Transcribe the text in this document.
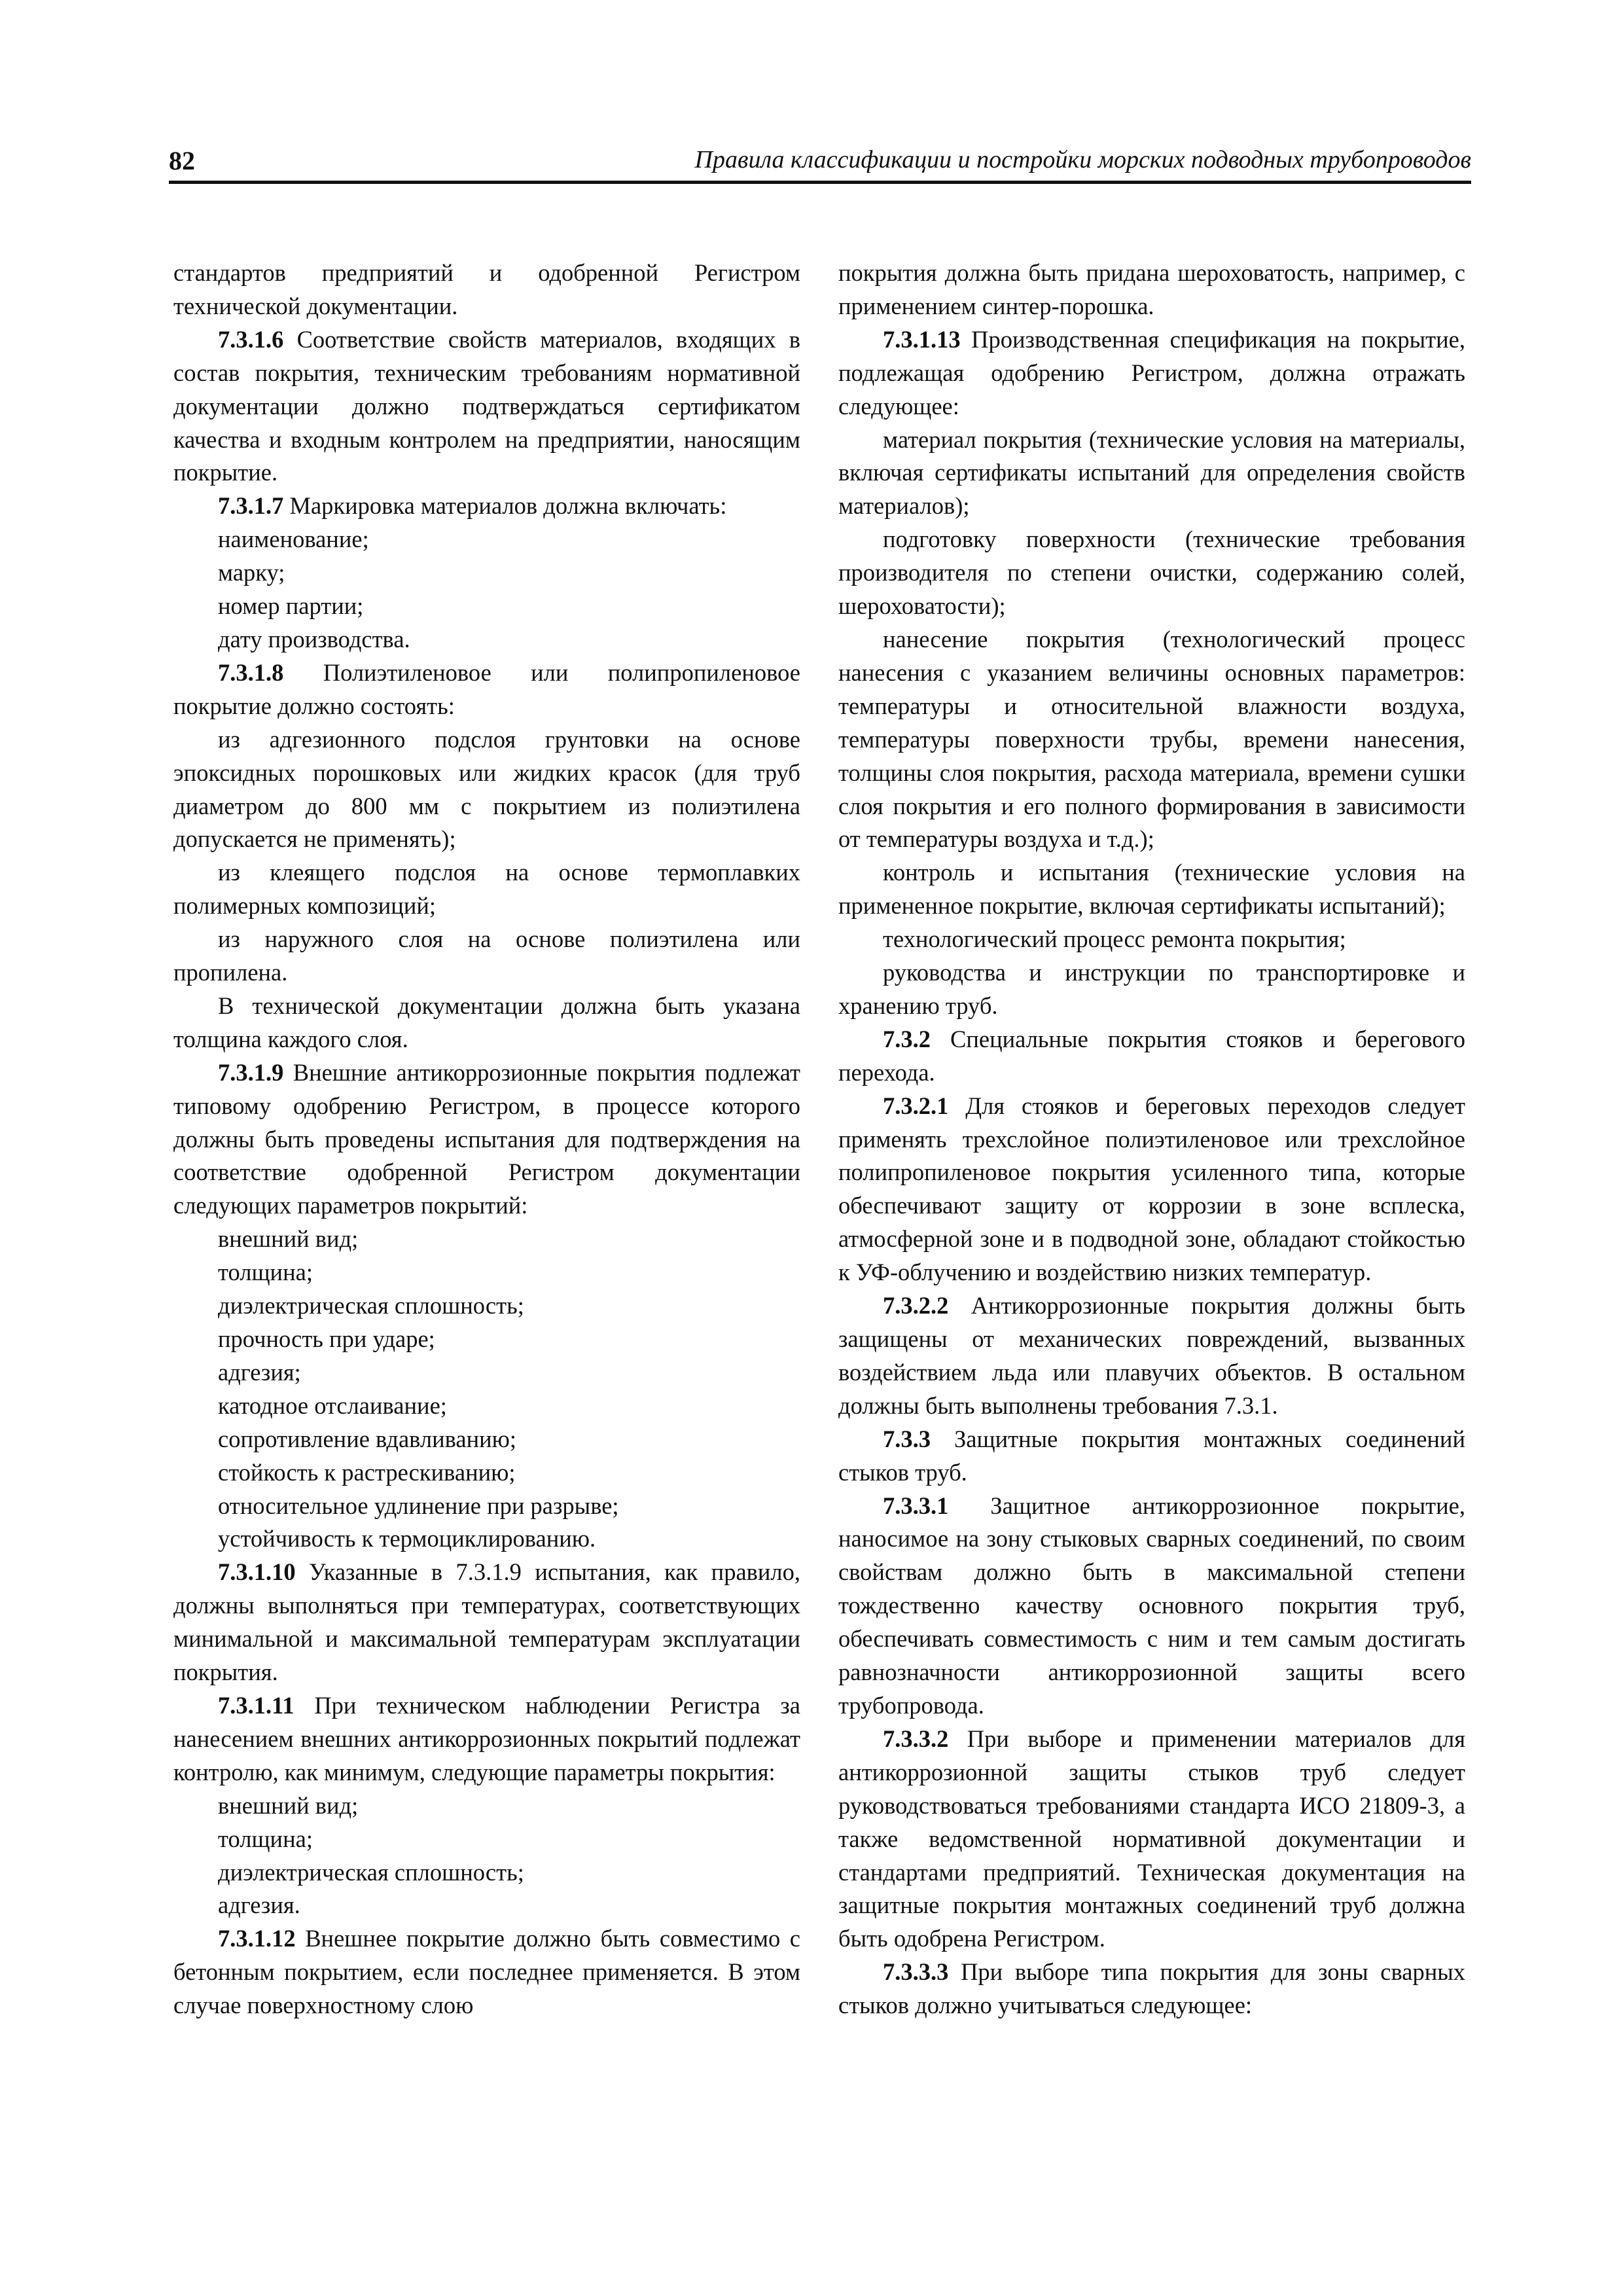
82	Правила классификации и постройки морских подводных трубопроводов

стандартов предприятий и одобренной Регистром технической документации.

7.3.1.6 Соответствие свойств материалов, входящих в состав покрытия, техническим требованиям нормативной документации должно подтверждаться сертификатом качества и входным контролем на предприятии, наносящим покрытие.

7.3.1.7 Маркировка материалов должна включать:

наименование;

марку;

номер партии;

дату производства.

7.3.1.8 Полиэтиленовое или полипропиленовое покрытие должно состоять:

из адгезионного подслоя грунтовки на основе эпоксидных порошковых или жидких красок (для труб диаметром до 800 мм с покрытием из полиэтилена допускается не применять);

из клеящего подслоя на основе термоплавких полимерных композиций;

из наружного слоя на основе полиэтилена или пропилена.

В технической документации должна быть указана толщина каждого слоя.

7.3.1.9 Внешние антикоррозионные покрытия подлежат типовому одобрению Регистром, в процессе которого должны быть проведены испытания для подтверждения на соответствие одобренной Регистром документации следующих параметров покрытий:

внешний вид;

толщина;

диэлектрическая сплошность;

прочность при ударе;

адгезия;

катодное отслаивание;

сопротивление вдавливанию;

стойкость к растрескиванию;

относительное удлинение при разрыве;

устойчивость к термоциклированию.

7.3.1.10 Указанные в 7.3.1.9 испытания, как правило, должны выполняться при температурах, соответствующих минимальной и максимальной температурам эксплуатации покрытия.

7.3.1.11 При техническом наблюдении Регистра за нанесением внешних антикоррозионных покрытий подлежат контролю, как минимум, следующие параметры покрытия:

внешний вид;

толщина;

диэлектрическая сплошность;

адгезия.

7.3.1.12 Внешнее покрытие должно быть совместимо с бетонным покрытием, если последнее применяется. В этом случае поверхностному слою

покрытия должна быть придана шероховатость, например, с применением синтер-порошка.

7.3.1.13 Производственная спецификация на покрытие, подлежащая одобрению Регистром, должна отражать следующее:

материал покрытия (технические условия на материалы, включая сертификаты испытаний для определения свойств материалов);

подготовку поверхности (технические требования производителя по степени очистки, содержанию солей, шероховатости);

нанесение покрытия (технологический процесс нанесения с указанием величины основных параметров: температуры и относительной влажности воздуха, температуры поверхности трубы, времени нанесения, толщины слоя покрытия, расхода материала, времени сушки слоя покрытия и его полного формирования в зависимости от температуры воздуха и т.д.);

контроль и испытания (технические условия на примененное покрытие, включая сертификаты испытаний);

технологический процесс ремонта покрытия;

руководства и инструкции по транспортировке и хранению труб.

7.3.2 Специальные покрытия стояков и берегового перехода.

7.3.2.1 Для стояков и береговых переходов следует применять трехслойное полиэтиленовое или трехслойное полипропиленовое покрытия усиленного типа, которые обеспечивают защиту от коррозии в зоне всплеска, атмосферной зоне и в подводной зоне, обладают стойкостью к УФ-облучению и воздействию низких температур.

7.3.2.2 Антикоррозионные покрытия должны быть защищены от механических повреждений, вызванных воздействием льда или плавучих объектов. В остальном должны быть выполнены требования 7.3.1.

7.3.3 Защитные покрытия монтажных соединений стыков труб.

7.3.3.1 Защитное антикоррозионное покрытие, наносимое на зону стыковых сварных соединений, по своим свойствам должно быть в максимальной степени тождественно качеству основного покрытия труб, обеспечивать совместимость с ним и тем самым достигать равнозначности антикоррозионной защиты всего трубопровода.

7.3.3.2 При выборе и применении материалов для антикоррозионной защиты стыков труб следует руководствоваться требованиями стандарта ИСО 21809-3, а также ведомственной нормативной документации и стандартами предприятий. Техническая документация на защитные покрытия монтажных соединений труб должна быть одобрена Регистром.

7.3.3.3 При выборе типа покрытия для зоны сварных стыков должно учитываться следующее:
